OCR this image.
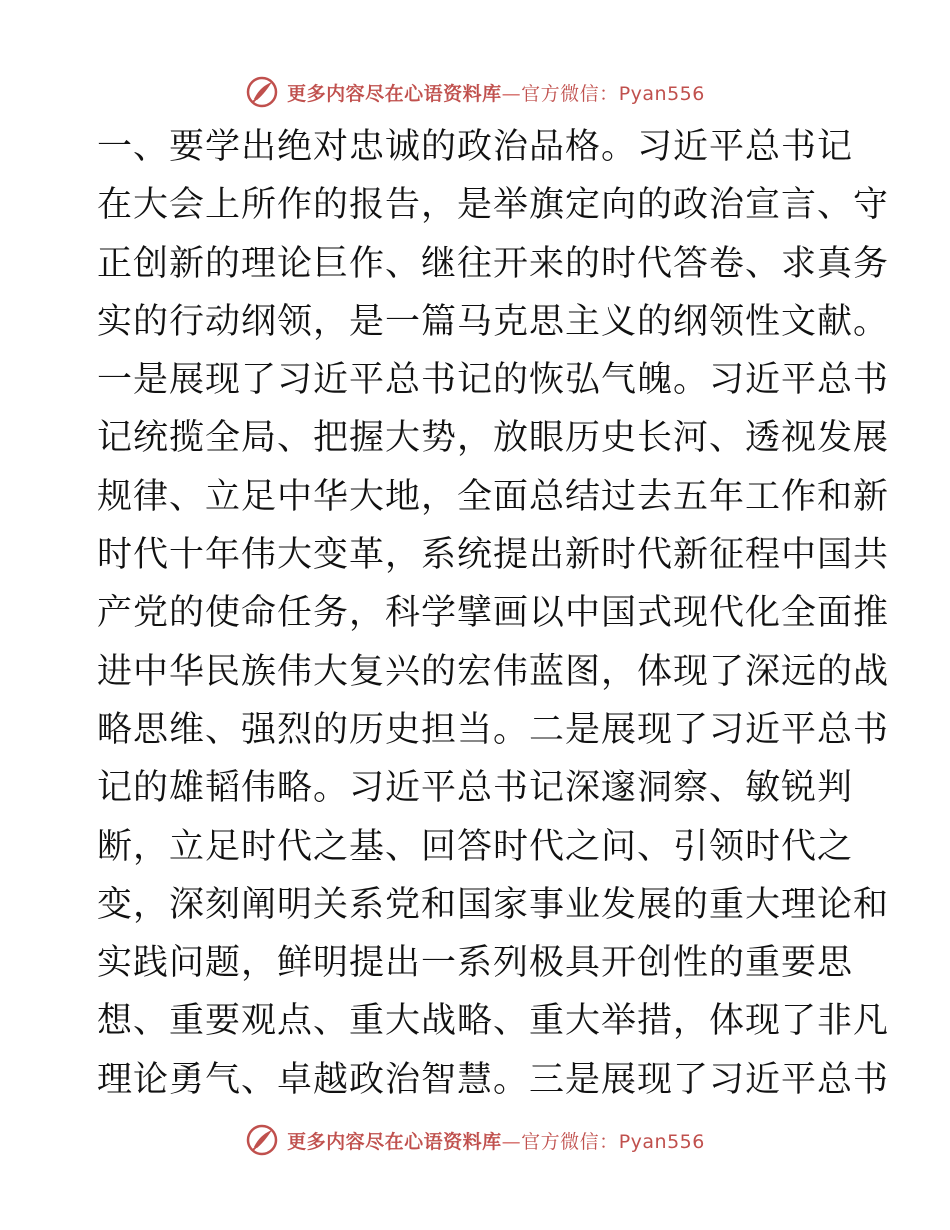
更多内容尽在心语资料库—官方微信：Pyan556
一、要学出绝对忠诚的政治品格。习近平总书记
在大会上所作的报告，是举旗定向的政治宣言、守
正创新的理论巨作、继往开来的时代答卷、求真务
实的行动纲领，是一篇马克思主义的纲领性文献。
一是展现了习近平总书记的恢弘气魄。习近平总书
记统揽全局、把握大势，放眼历史长河、透视发展
规律、立足中华大地，全面总结过去五年工作和新
时代十年伟大变革，系统提出新时代新征程中国共
产党的使命任务，科学擘画以中国式现代化全面推
进中华民族伟大复兴的宏伟蓝图，体现了深远的战
略思维、强烈的历史担当。二是展现了习近平总书
记的雄韬伟略。习近平总书记深邃洞察、敏锐判
断，立足时代之基、回答时代之问、引领时代之
变，深刻阐明关系党和国家事业发展的重大理论和
实践问题，鲜明提出一系列极具开创性的重要思
想、重要观点、重大战略、重大举措，体现了非凡
理论勇气、卓越政治智慧。三是展现了习近平总书
更多内容尽在心语资料库—官方微信：Pyan556
